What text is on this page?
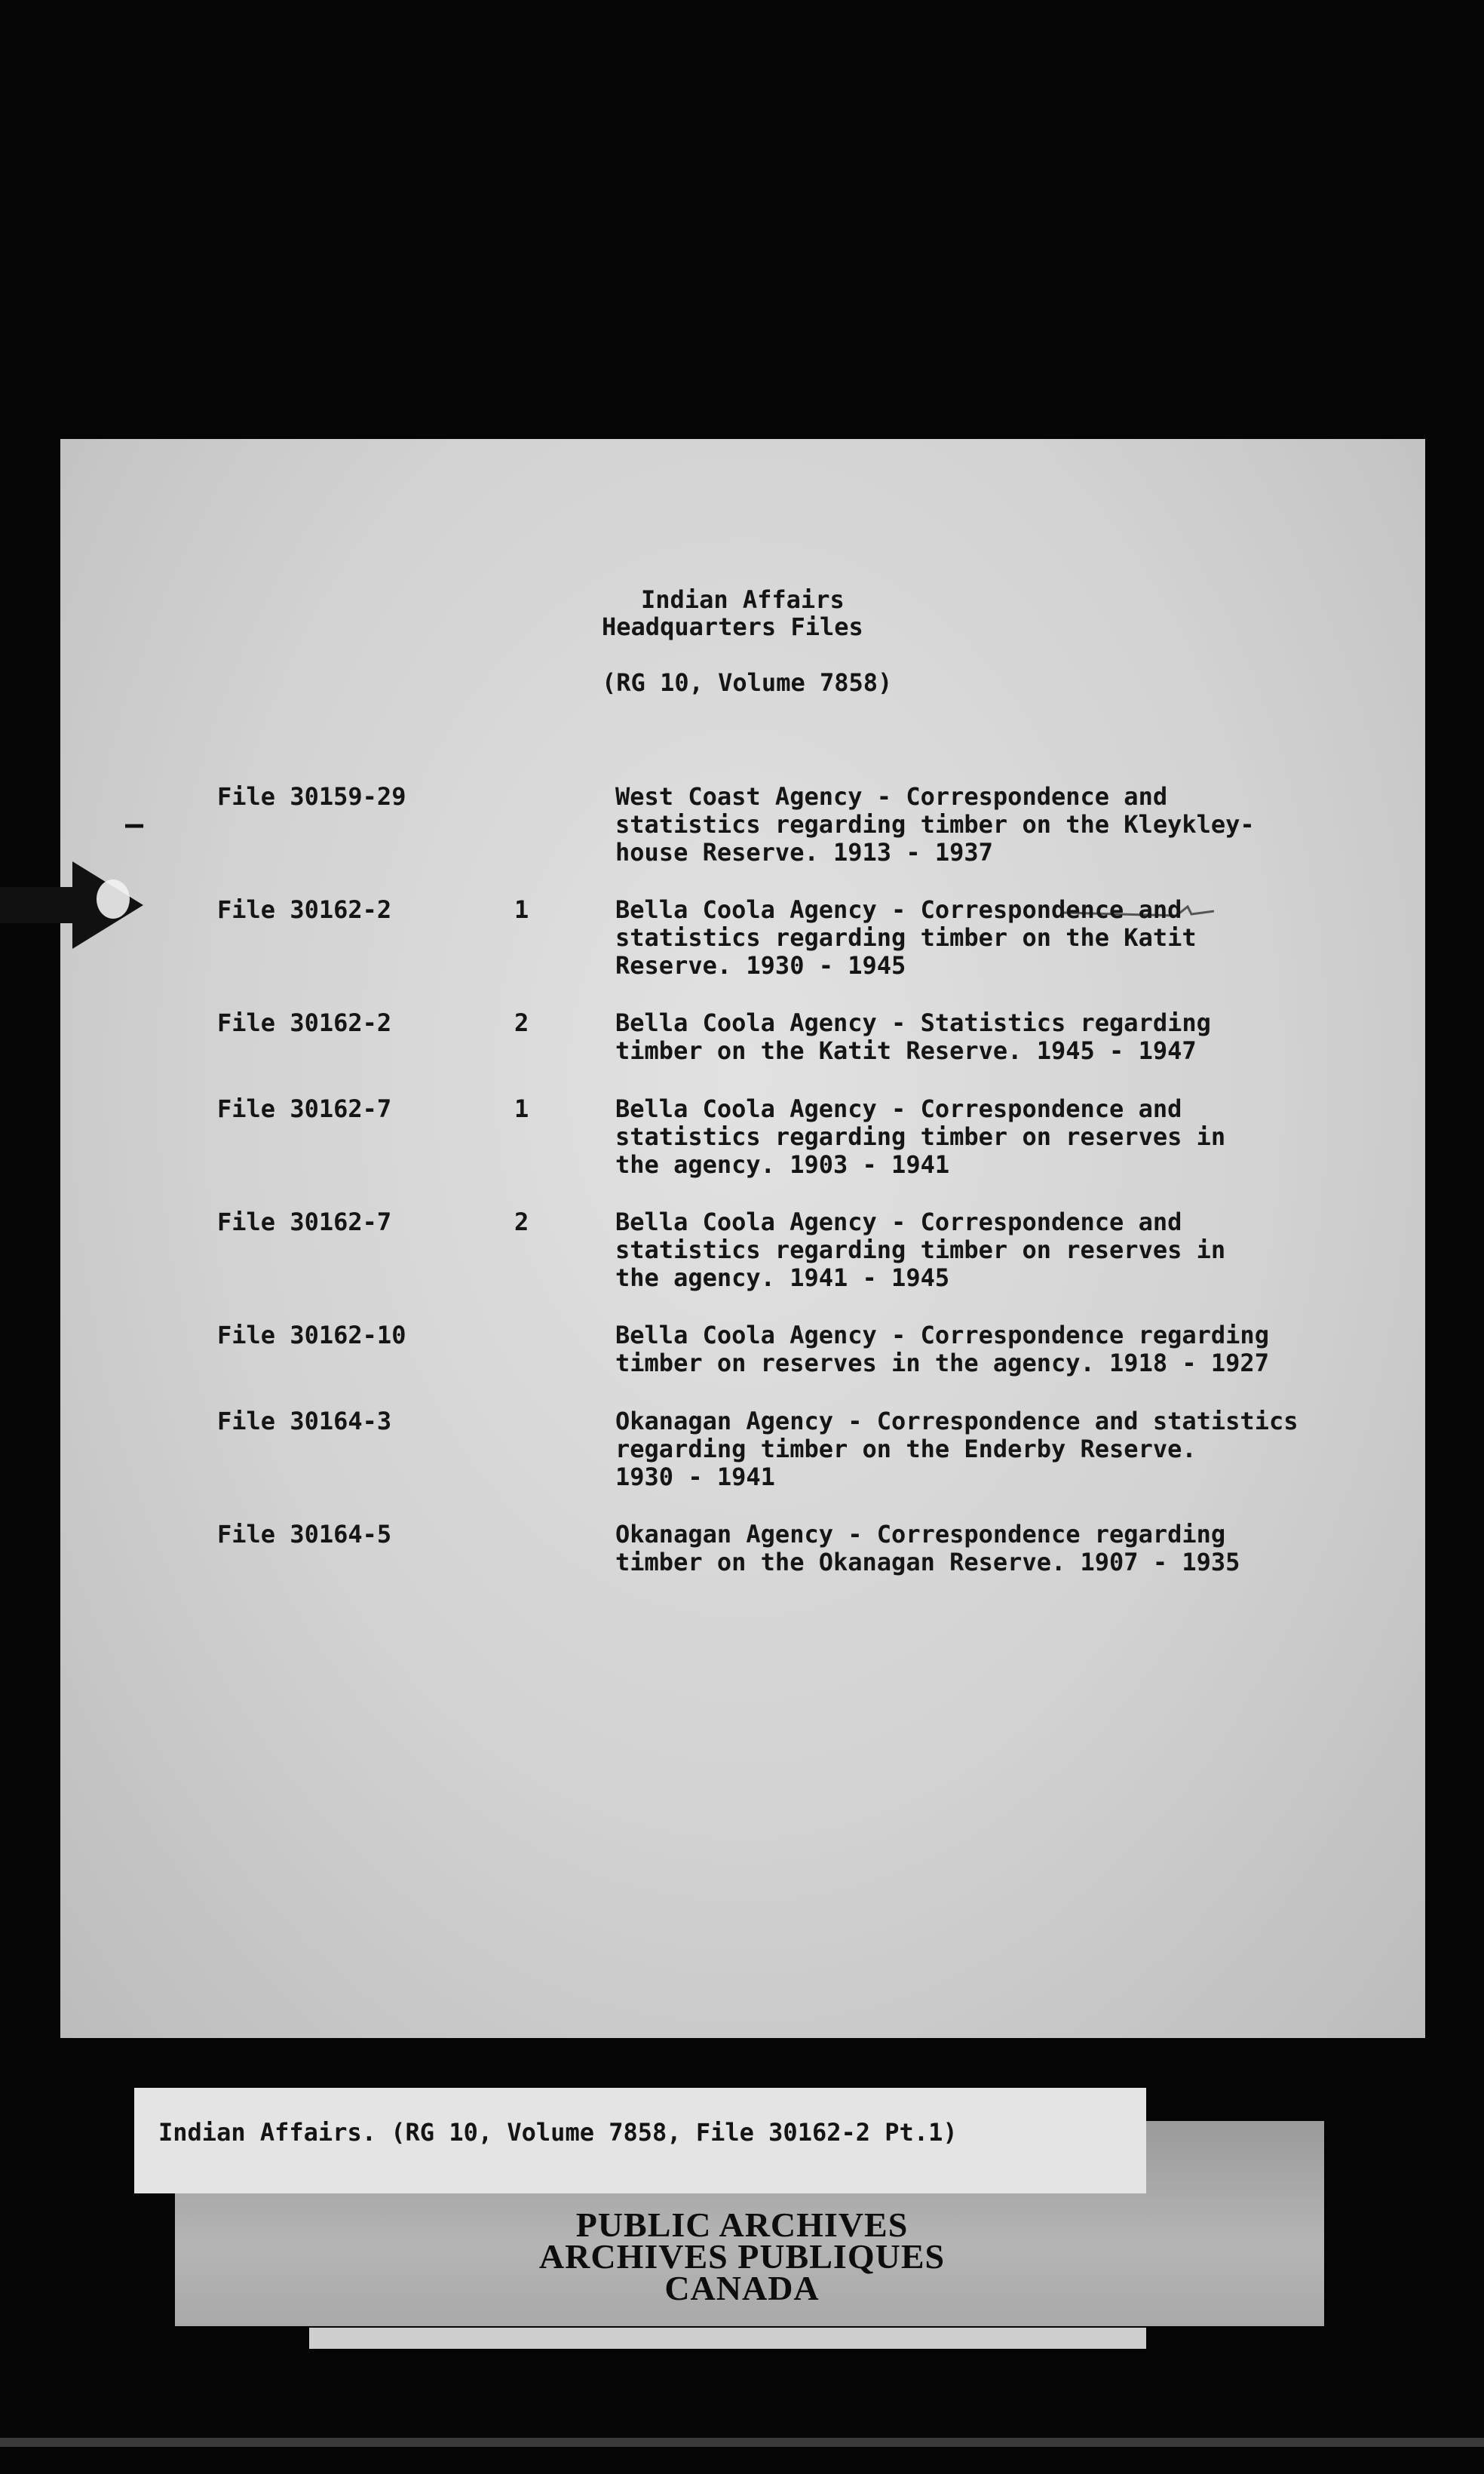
Indian Affairs
Headquarters Files
(RG 10, Volume 7858)
File 30159-29	West Coast Agency - Correspondence and
statistics regarding timber on the Kleykley-
house Reserve. 1913 - 1937
File 30162-2	1	Bella Coola Agency - Correspondence and
statistics regarding timber on the Katit
Reserve. 1930 - 1945
File 30162-2	2	Bella Coola Agency - Statistics regarding
timber on the Katit Reserve. 1945 - 1947
File 30162-7	1	Bella Coola Agency - Correspondence and
statistics regarding timber on reserves in
the agency. 1903 - 1941
File 30162-7	2	Bella Coola Agency - Correspondence and
statistics regarding timber on reserves in
the agency. 1941 - 1945
File 30162-10	Bella Coola Agency - Correspondence regarding
timber on reserves in the agency. 1918 - 1927
File 30164-3	Okanagan Agency - Correspondence and statistics
regarding timber on the Enderby Reserve.
1930 - 1941
File 30164-5	Okanagan Agency - Correspondence regarding
timber on the Okanagan Reserve. 1907 - 1935
–
Indian Affairs. (RG 10, Volume 7858, File 30162-2 Pt.1)
PUBLIC ARCHIVES
ARCHIVES PUBLIQUES
CANADA
